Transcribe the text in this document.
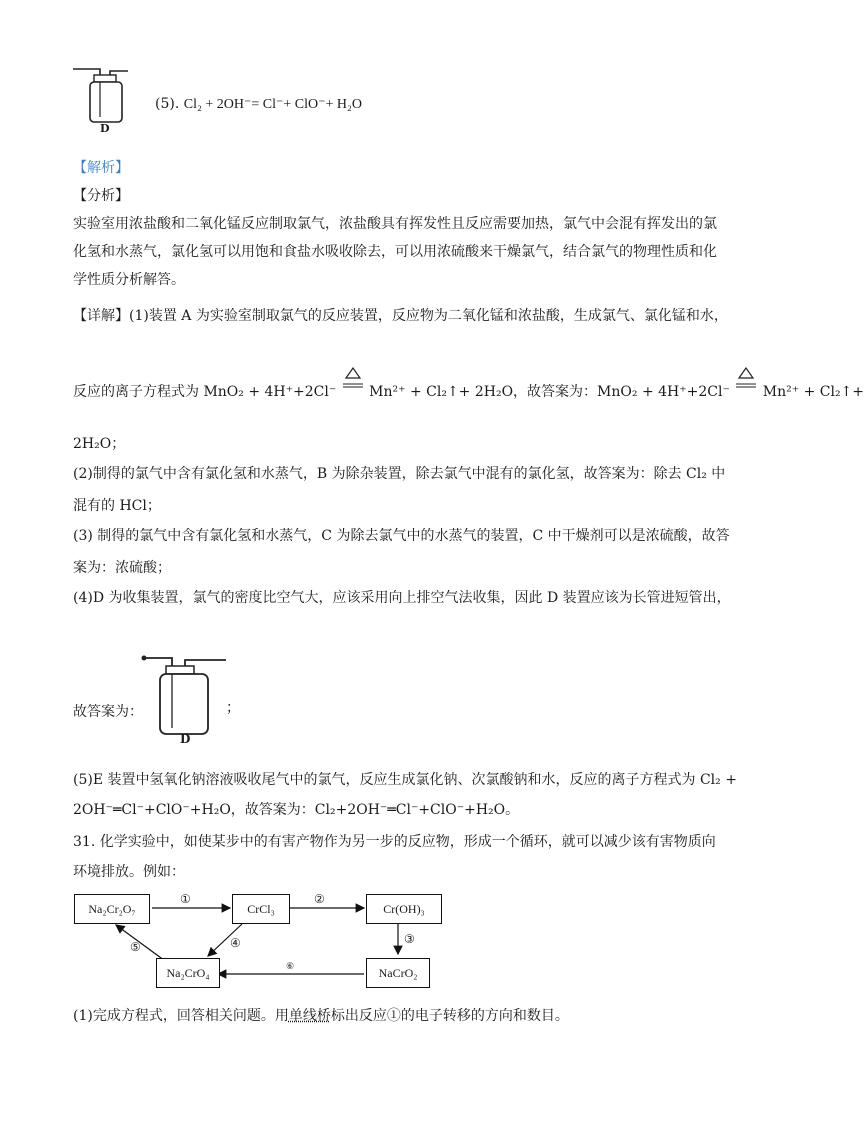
D
(5). Cl₂ + 2OH⁻= Cl⁻+ ClO⁻+ H₂O
【解析】
【分析】
实验室用浓盐酸和二氧化锰反应制取氯气，浓盐酸具有挥发性且反应需要加热，氯气中会混有挥发出的氯
化氢和水蒸气，氯化氢可以用饱和食盐水吸收除去，可以用浓硫酸来干燥氯气，结合氯气的物理性质和化
学性质分析解答。
【详解】(1)装置 A 为实验室制取氯气的反应装置，反应物为二氧化锰和浓盐酸，生成氯气、氯化锰和水，
反应的离子方程式为 MnO₂ + 4H⁺+2Cl⁻ Mn²⁺ + Cl₂↑+ 2H₂O，故答案为：MnO₂ + 4H⁺+2Cl⁻ Mn²⁺ + Cl₂↑+
2H₂O；
(2)制得的氯气中含有氯化氢和水蒸气，B 为除杂装置，除去氯气中混有的氯化氢，故答案为：除去 Cl₂ 中
混有的 HCl；
(3) 制得的氯气中含有氯化氢和水蒸气，C 为除去氯气中的水蒸气的装置，C 中干燥剂可以是浓硫酸，故答
案为：浓硫酸；
(4)D 为收集装置，氯气的密度比空气大，应该采用向上排空气法收集，因此 D 装置应该为长管进短管出，
D
故答案为：	；
(5)E 装置中氢氧化钠溶液吸收尾气中的氯气，反应生成氯化钠、次氯酸钠和水，反应的离子方程式为 Cl₂ +
2OH⁻═Cl⁻+ClO⁻+H₂O，故答案为：Cl₂+2OH⁻═Cl⁻+ClO⁻+H₂O。
31. 化学实验中，如使某步中的有害产物作为另一步的反应物，形成一个循环，就可以减少该有害物质向
环境排放。例如：
Na₂Cr₂O₇	CrCl₃	Cr(OH)₃
NaCrO₂
Na₂CrO₄
①	②
③
④
⑤
⑥
(1)完成方程式，回答相关问题。用单线桥标出反应①的电子转移的方向和数目。
